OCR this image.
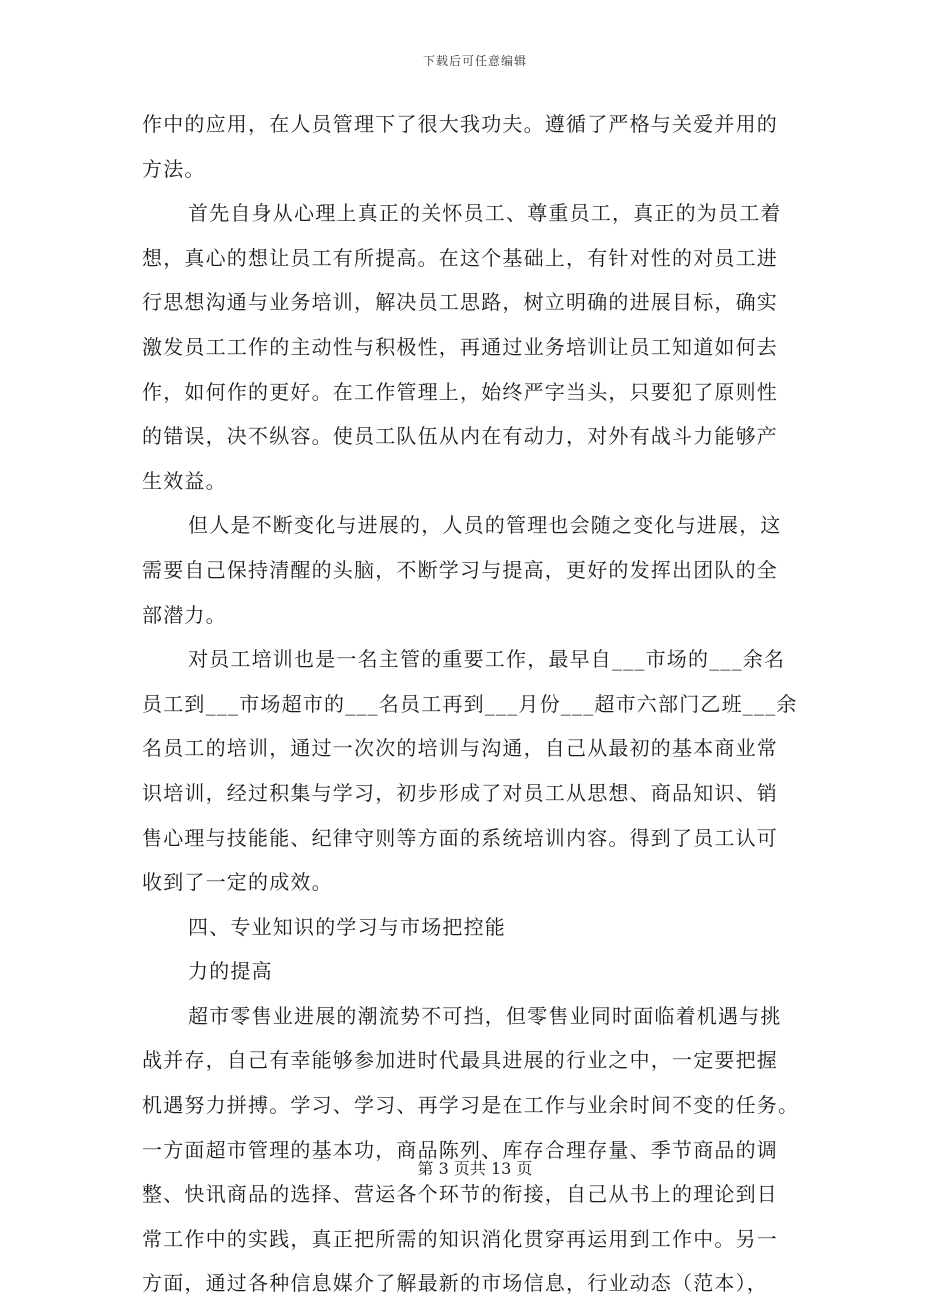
下载后可任意编辑
作中的应用，在人员管理下了很大我功夫。遵循了严格与关爱并用的
方法。
首先自身从心理上真正的关怀员工、尊重员工，真正的为员工着
想，真心的想让员工有所提高。在这个基础上，有针对性的对员工进
行思想沟通与业务培训，解决员工思路，树立明确的进展目标，确实
激发员工工作的主动性与积极性，再通过业务培训让员工知道如何去
作，如何作的更好。在工作管理上，始终严字当头，只要犯了原则性
的错误，决不纵容。使员工队伍从内在有动力，对外有战斗力能够产
生效益。
但人是不断变化与进展的，人员的管理也会随之变化与进展，这
需要自己保持清醒的头脑，不断学习与提高，更好的发挥出团队的全
部潜力。
对员工培训也是一名主管的重要工作，最早自___市场的___余名
员工到___市场超市的___名员工再到___月份___超市六部门乙班___余
名员工的培训，通过一次次的培训与沟通，自己从最初的基本商业常
识培训，经过积集与学习，初步形成了对员工从思想、商品知识、销
售心理与技能能、纪律守则等方面的系统培训内容。得到了员工认可
收到了一定的成效。
四、专业知识的学习与市场把控能
力的提高
超市零售业进展的潮流势不可挡，但零售业同时面临着机遇与挑
战并存，自己有幸能够参加进时代最具进展的行业之中，一定要把握
机遇努力拼搏。学习、学习、再学习是在工作与业余时间不变的任务。
一方面超市管理的基本功，商品陈列、库存合理存量、季节商品的调
整、快讯商品的选择、营运各个环节的衔接，自己从书上的理论到日
常工作中的实践，真正把所需的知识消化贯穿再运用到工作中。另一
方面，通过各种信息媒介了解最新的市场信息，行业动态（范本），
第 3 页共 13 页
